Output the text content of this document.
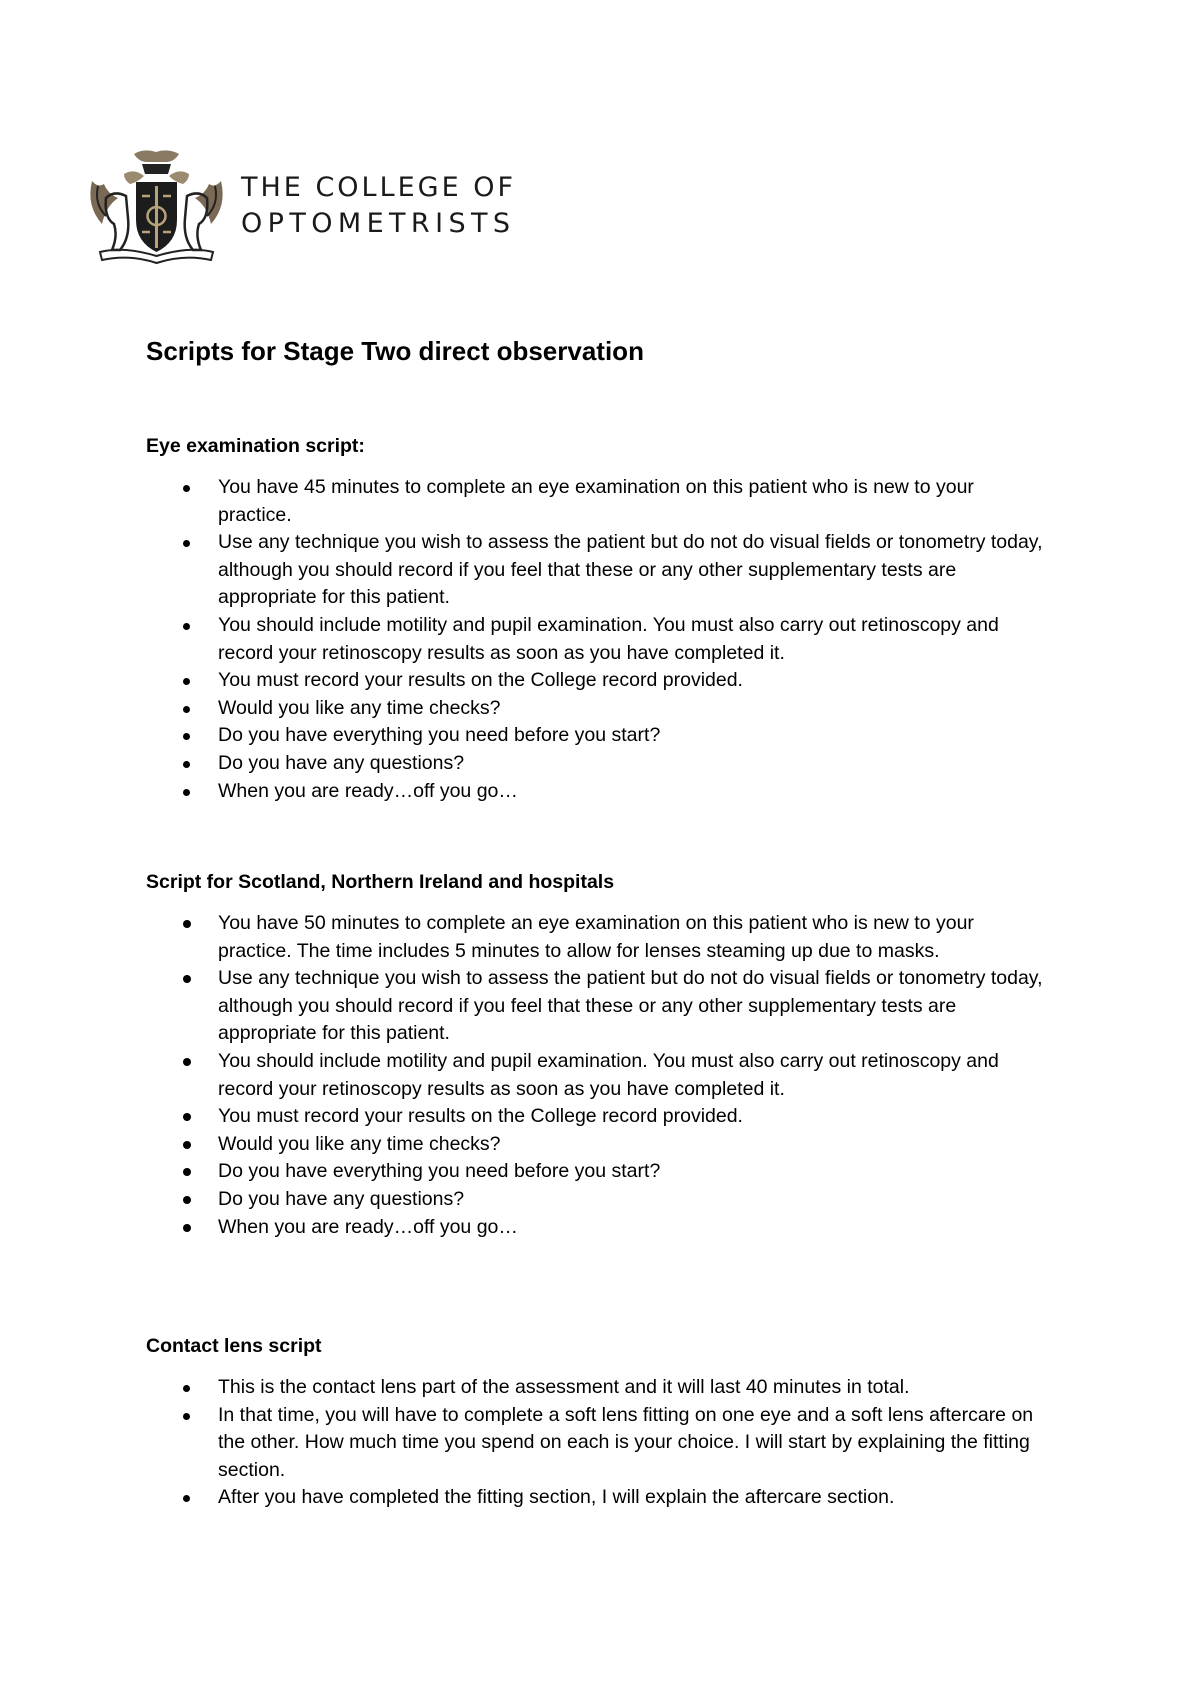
THE COLLEGE OF
OPTOMETRISTS
Scripts for Stage Two direct observation
Eye examination script:
You have 45 minutes to complete an eye examination on this patient who is new to your practice.
Use any technique you wish to assess the patient but do not do visual fields or tonometry today, although you should record if you feel that these or any other supplementary tests are appropriate for this patient.
You should include motility and pupil examination. You must also carry out retinoscopy and record your retinoscopy results as soon as you have completed it.
You must record your results on the College record provided.
Would you like any time checks?
Do you have everything you need before you start?
Do you have any questions?
When you are ready…off you go…
Script for Scotland, Northern Ireland and hospitals
You have 50 minutes to complete an eye examination on this patient who is new to your practice. The time includes 5 minutes to allow for lenses steaming up due to masks.
Use any technique you wish to assess the patient but do not do visual fields or tonometry today, although you should record if you feel that these or any other supplementary tests are appropriate for this patient.
You should include motility and pupil examination. You must also carry out retinoscopy and record your retinoscopy results as soon as you have completed it.
You must record your results on the College record provided.
Would you like any time checks?
Do you have everything you need before you start?
Do you have any questions?
When you are ready…off you go…
Contact lens script
This is the contact lens part of the assessment and it will last 40 minutes in total.
In that time, you will have to complete a soft lens fitting on one eye and a soft lens aftercare on the other. How much time you spend on each is your choice. I will start by explaining the fitting section.
After you have completed the fitting section, I will explain the aftercare section.
